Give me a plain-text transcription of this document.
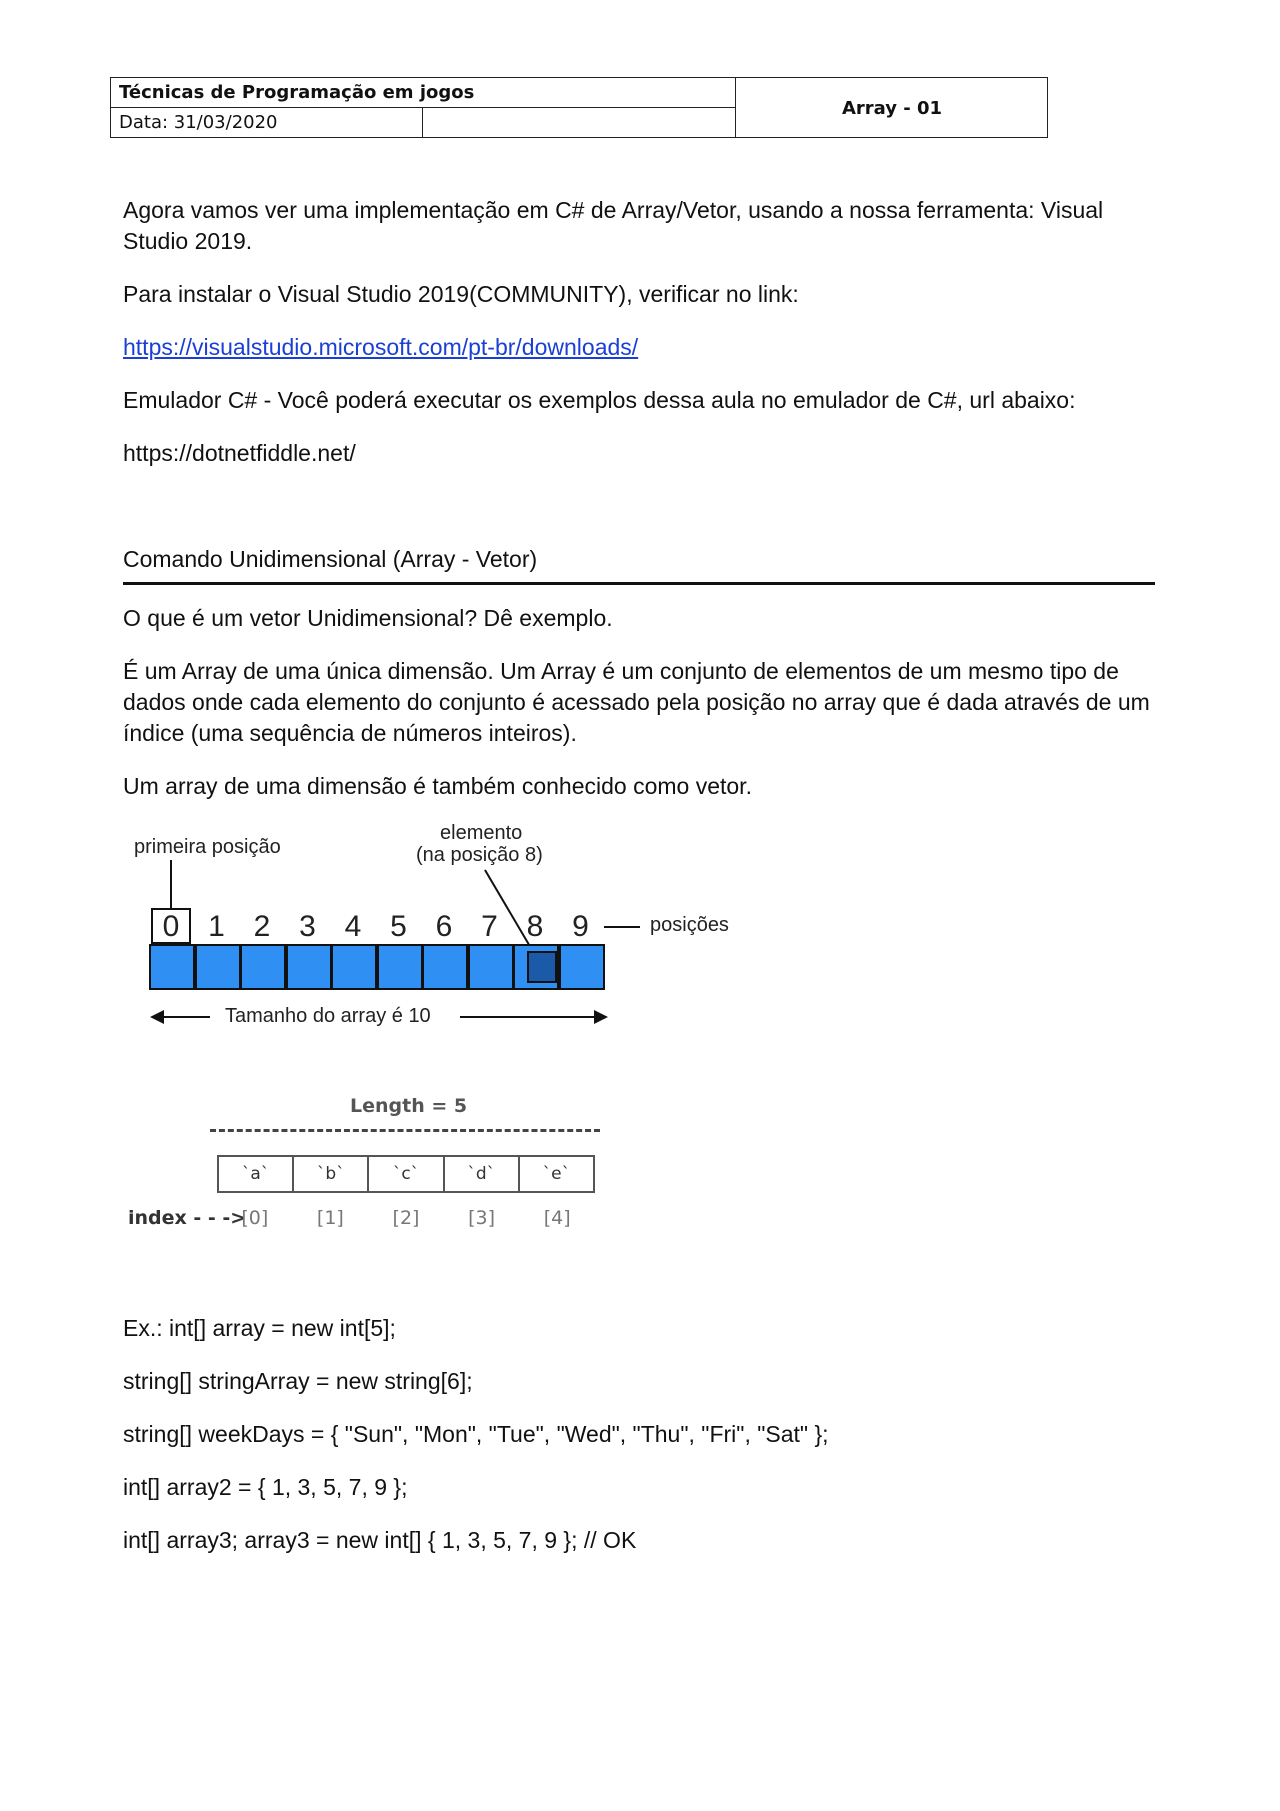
Técnicas de Programação em jogos
Data: 31/03/2020
Array - 01

Agora vamos ver uma implementação em C# de Array/Vetor, usando a nossa ferramenta: Visual Studio 2019.

Para instalar o Visual Studio 2019(COMMUNITY), verificar no link:

https://visualstudio.microsoft.com/pt-br/downloads/

Emulador C# - Você poderá executar os exemplos dessa aula no emulador de C#, url abaixo:

https://dotnetfiddle.net/

Comando Unidimensional (Array - Vetor)

O que é um vetor Unidimensional? Dê exemplo.

É um Array de uma única dimensão. Um Array é um conjunto de elementos de um mesmo tipo de dados onde cada elemento do conjunto é acessado pela posição no array que é dada através de um índice (uma sequência de números inteiros).

Um array de uma dimensão é também conhecido como vetor.

primeira posição
elemento
(na posição 8)
0 1 2 3 4 5 6 7 8 9	posições
Tamanho do array é 10
Length = 5
`a`	`b`	`c`	`d`	`e`
index - - ->
[0]	[1]	[2]	[3]	[4]

Ex.: int[] array = new int[5];

string[] stringArray = new string[6];

string[] weekDays = { "Sun", "Mon", "Tue", "Wed", "Thu", "Fri", "Sat" };

int[] array2 = { 1, 3, 5, 7, 9 };

int[] array3; array3 = new int[] { 1, 3, 5, 7, 9 }; // OK
